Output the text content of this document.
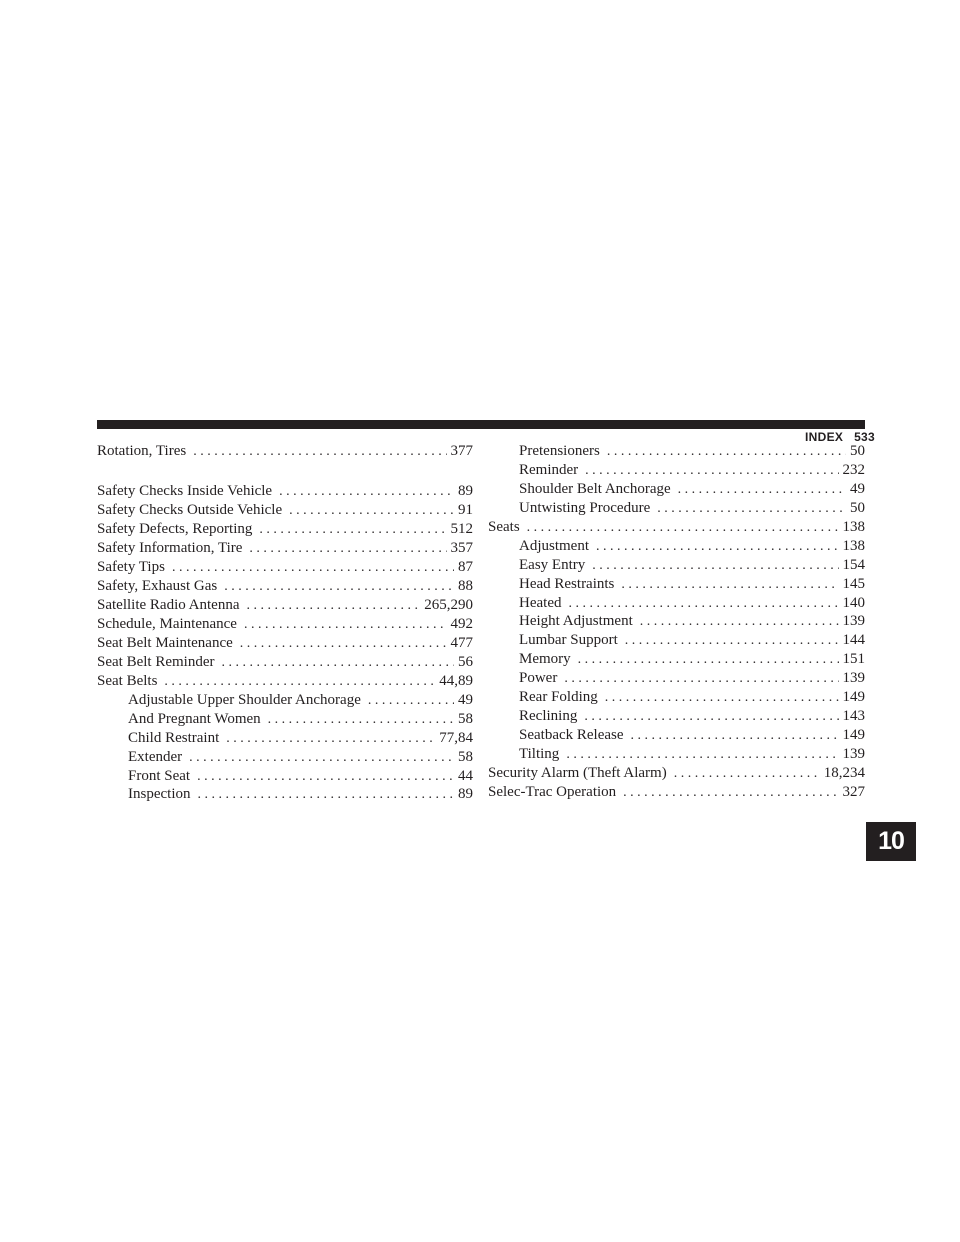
INDEX   533
Rotation, Tires . . .	377
Safety Checks Inside Vehicle . . .	89
Safety Checks Outside Vehicle . . .	91
Safety Defects, Reporting . . .	512
Safety Information, Tire . . .	357
Safety Tips . . .	87
Safety, Exhaust Gas . . .	88
Satellite Radio Antenna . . .	265,290
Schedule, Maintenance . . .	492
Seat Belt Maintenance . . .	477
Seat Belt Reminder . . .	56
Seat Belts . . .	44,89
Adjustable Upper Shoulder Anchorage . . .	49
And Pregnant Women . . .	58
Child Restraint . . .	77,84
Extender . . .	58
Front Seat . . .	44
Inspection . . .	89
Pretensioners . . .	50
Reminder . . .	232
Shoulder Belt Anchorage . . .	49
Untwisting Procedure . . .	50
Seats . . .	138
Adjustment . . .	138
Easy Entry . . .	154
Head Restraints . . .	145
Heated . . .	140
Height Adjustment . . .	139
Lumbar Support . . .	144
Memory . . .	151
Power . . .	139
Rear Folding . . .	149
Reclining . . .	143
Seatback Release . . .	149
Tilting . . .	139
Security Alarm (Theft Alarm) . . .	18,234
Selec-Trac Operation . . .	327
10
